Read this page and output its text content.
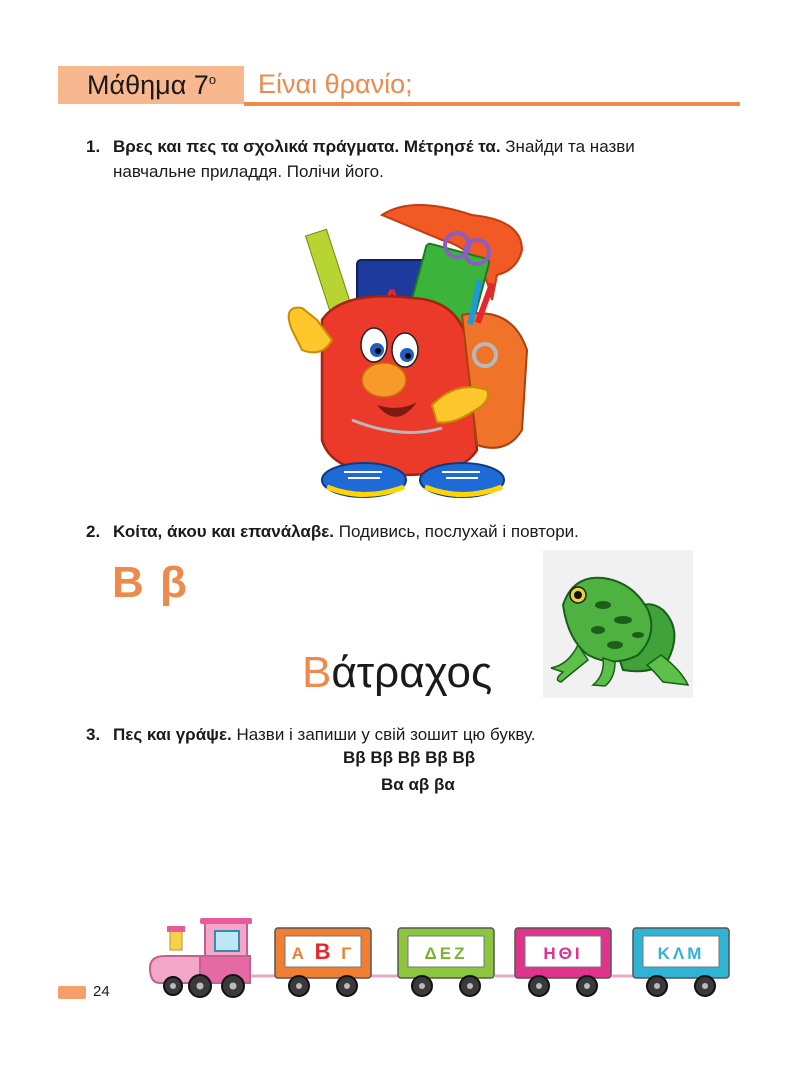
Μάθημα $7^o$ Είναι θρανίο;
1. Βρες και πες τα σχολικά πράγματα. Μέτρησέ τα. Знайди та назви
навчальне приладдя. Полічи його.
2. Κοίτα, άκου και επανάλαβε. Подивись, послухай і повтори.
Β β
Βάτραχος
3. Πες και γράψε. Назви і запиши у свій зошит цю букву.
Ββ Ββ Ββ Ββ Ββ
Βα αβ βα
Α Β Γ	ΔΕΖ	ΗΘΙ	ΚΛΜ
24
